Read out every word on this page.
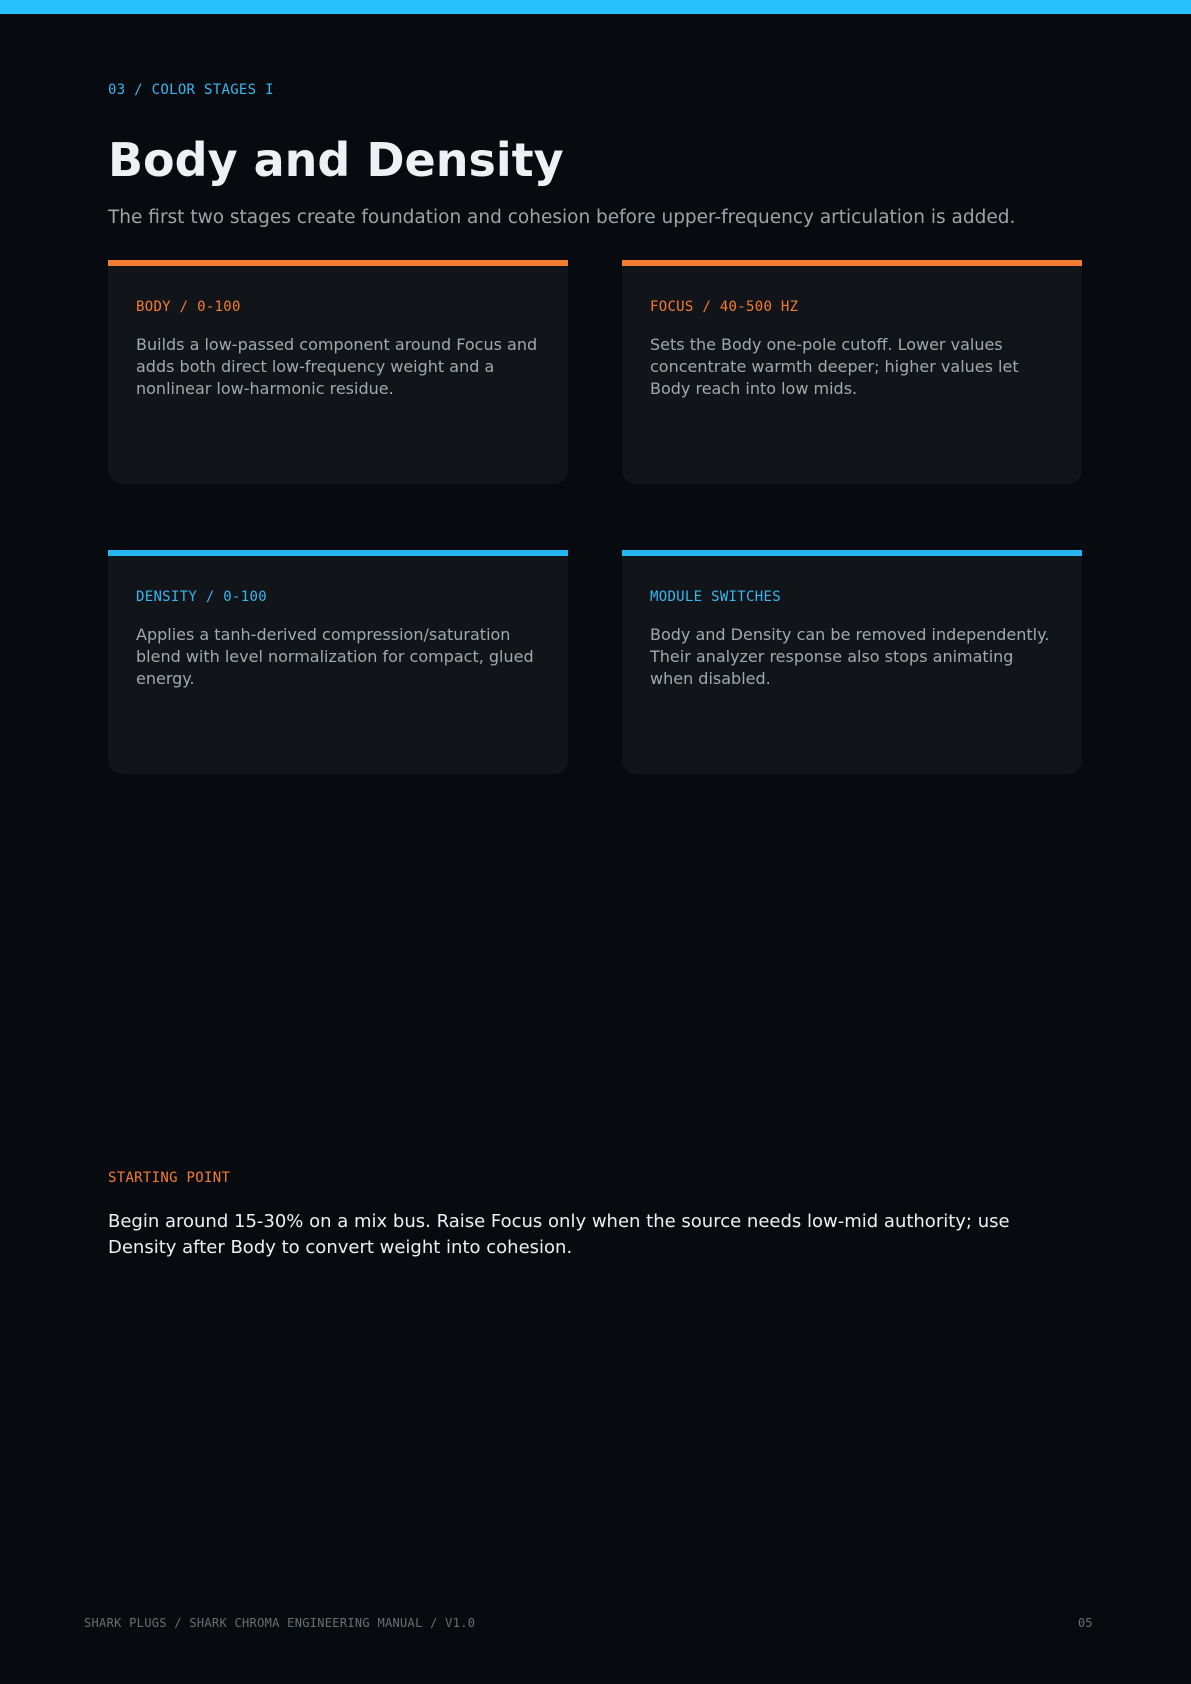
03 / COLOR STAGES I
Body and Density

The first two stages create foundation and cohesion before upper-frequency articulation is added.

BODY / 0-100

Builds a low-passed component around Focus and adds both direct low-frequency weight and a nonlinear low-harmonic residue.

FOCUS / 40-500 HZ

Sets the Body one-pole cutoff. Lower values concentrate warmth deeper; higher values let Body reach into low mids.

DENSITY / 0-100

Applies a tanh-derived compression/saturation blend with level normalization for compact, glued energy.

MODULE SWITCHES

Body and Density can be removed independently. Their analyzer response also stops animating when disabled.

STARTING POINT

Begin around 15-30% on a mix bus. Raise Focus only when the source needs low-mid authority; use Density after Body to convert weight into cohesion.

SHARK PLUGS / SHARK CHROMA ENGINEERING MANUAL / V1.0	05
